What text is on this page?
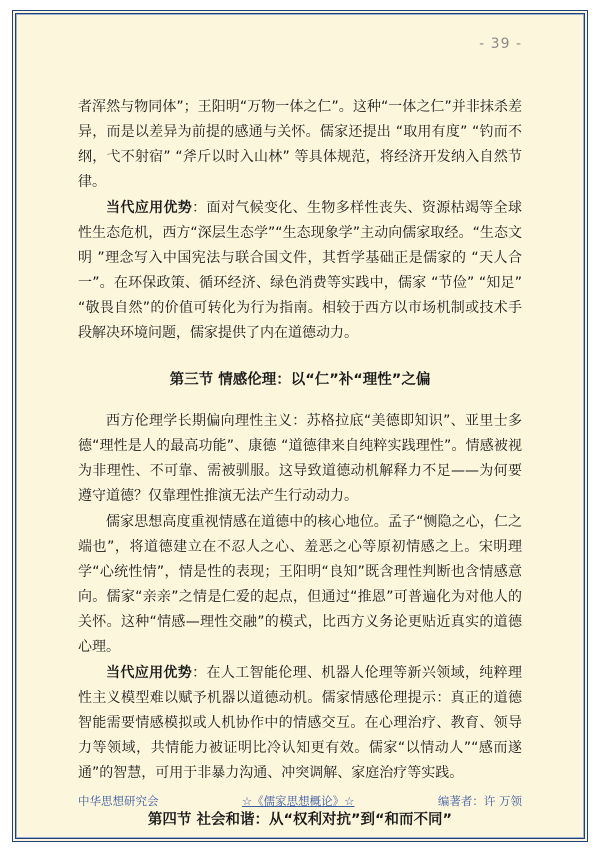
- 39 -

者浑然与物同体”；王阳明“万物一体之仁”。这种“一体之仁”并非抹杀差异，而是以差异为前提的感通与关怀。儒家还提出 “取用有度” “钓而不纲，弋不射宿” “斧斤以时入山林” 等具体规范，将经济开发纳入自然节律。

当代应用优势：面对气候变化、生物多样性丧失、资源枯竭等全球性生态危机，西方“深层生态学”“生态现象学”主动向儒家取经。“生态文明 ”理念写入中国宪法与联合国文件，其哲学基础正是儒家的 “天人合一”。在环保政策、循环经济、绿色消费等实践中，儒家 “节俭” “知足” “敬畏自然”的价值可转化为行为指南。相较于西方以市场机制或技术手段解决环境问题，儒家提供了内在道德动力。

第三节 情感伦理：以“仁”补“理性”之偏

西方伦理学长期偏向理性主义：苏格拉底“美德即知识”、亚里士多德“理性是人的最高功能”、康德 “道德律来自纯粹实践理性”。情感被视为非理性、不可靠、需被驯服。这导致道德动机解释力不足——为何要遵守道德？仅靠理性推演无法产生行动动力。

儒家思想高度重视情感在道德中的核心地位。孟子“恻隐之心，仁之端也”，将道德建立在不忍人之心、羞恶之心等原初情感之上。宋明理学“心统性情”，情是性的表现；王阳明“良知”既含理性判断也含情感意向。儒家“亲亲”之情是仁爱的起点，但通过“推恩”可普遍化为对他人的关怀。这种“情感—理性交融”的模式，比西方义务论更贴近真实的道德心理。

当代应用优势：在人工智能伦理、机器人伦理等新兴领域，纯粹理性主义模型难以赋予机器以道德动机。儒家情感伦理提示：真正的道德智能需要情感模拟或人机协作中的情感交互。在心理治疗、教育、领导力等领域，共情能力被证明比冷认知更有效。儒家“以情动人”“感而遂通”的智慧，可用于非暴力沟通、冲突调解、家庭治疗等实践。

第四节 社会和谐：从“权利对抗”到“和而不同”
中华思想研究会	☆《儒家思想概论》☆	编著者：许 万领
